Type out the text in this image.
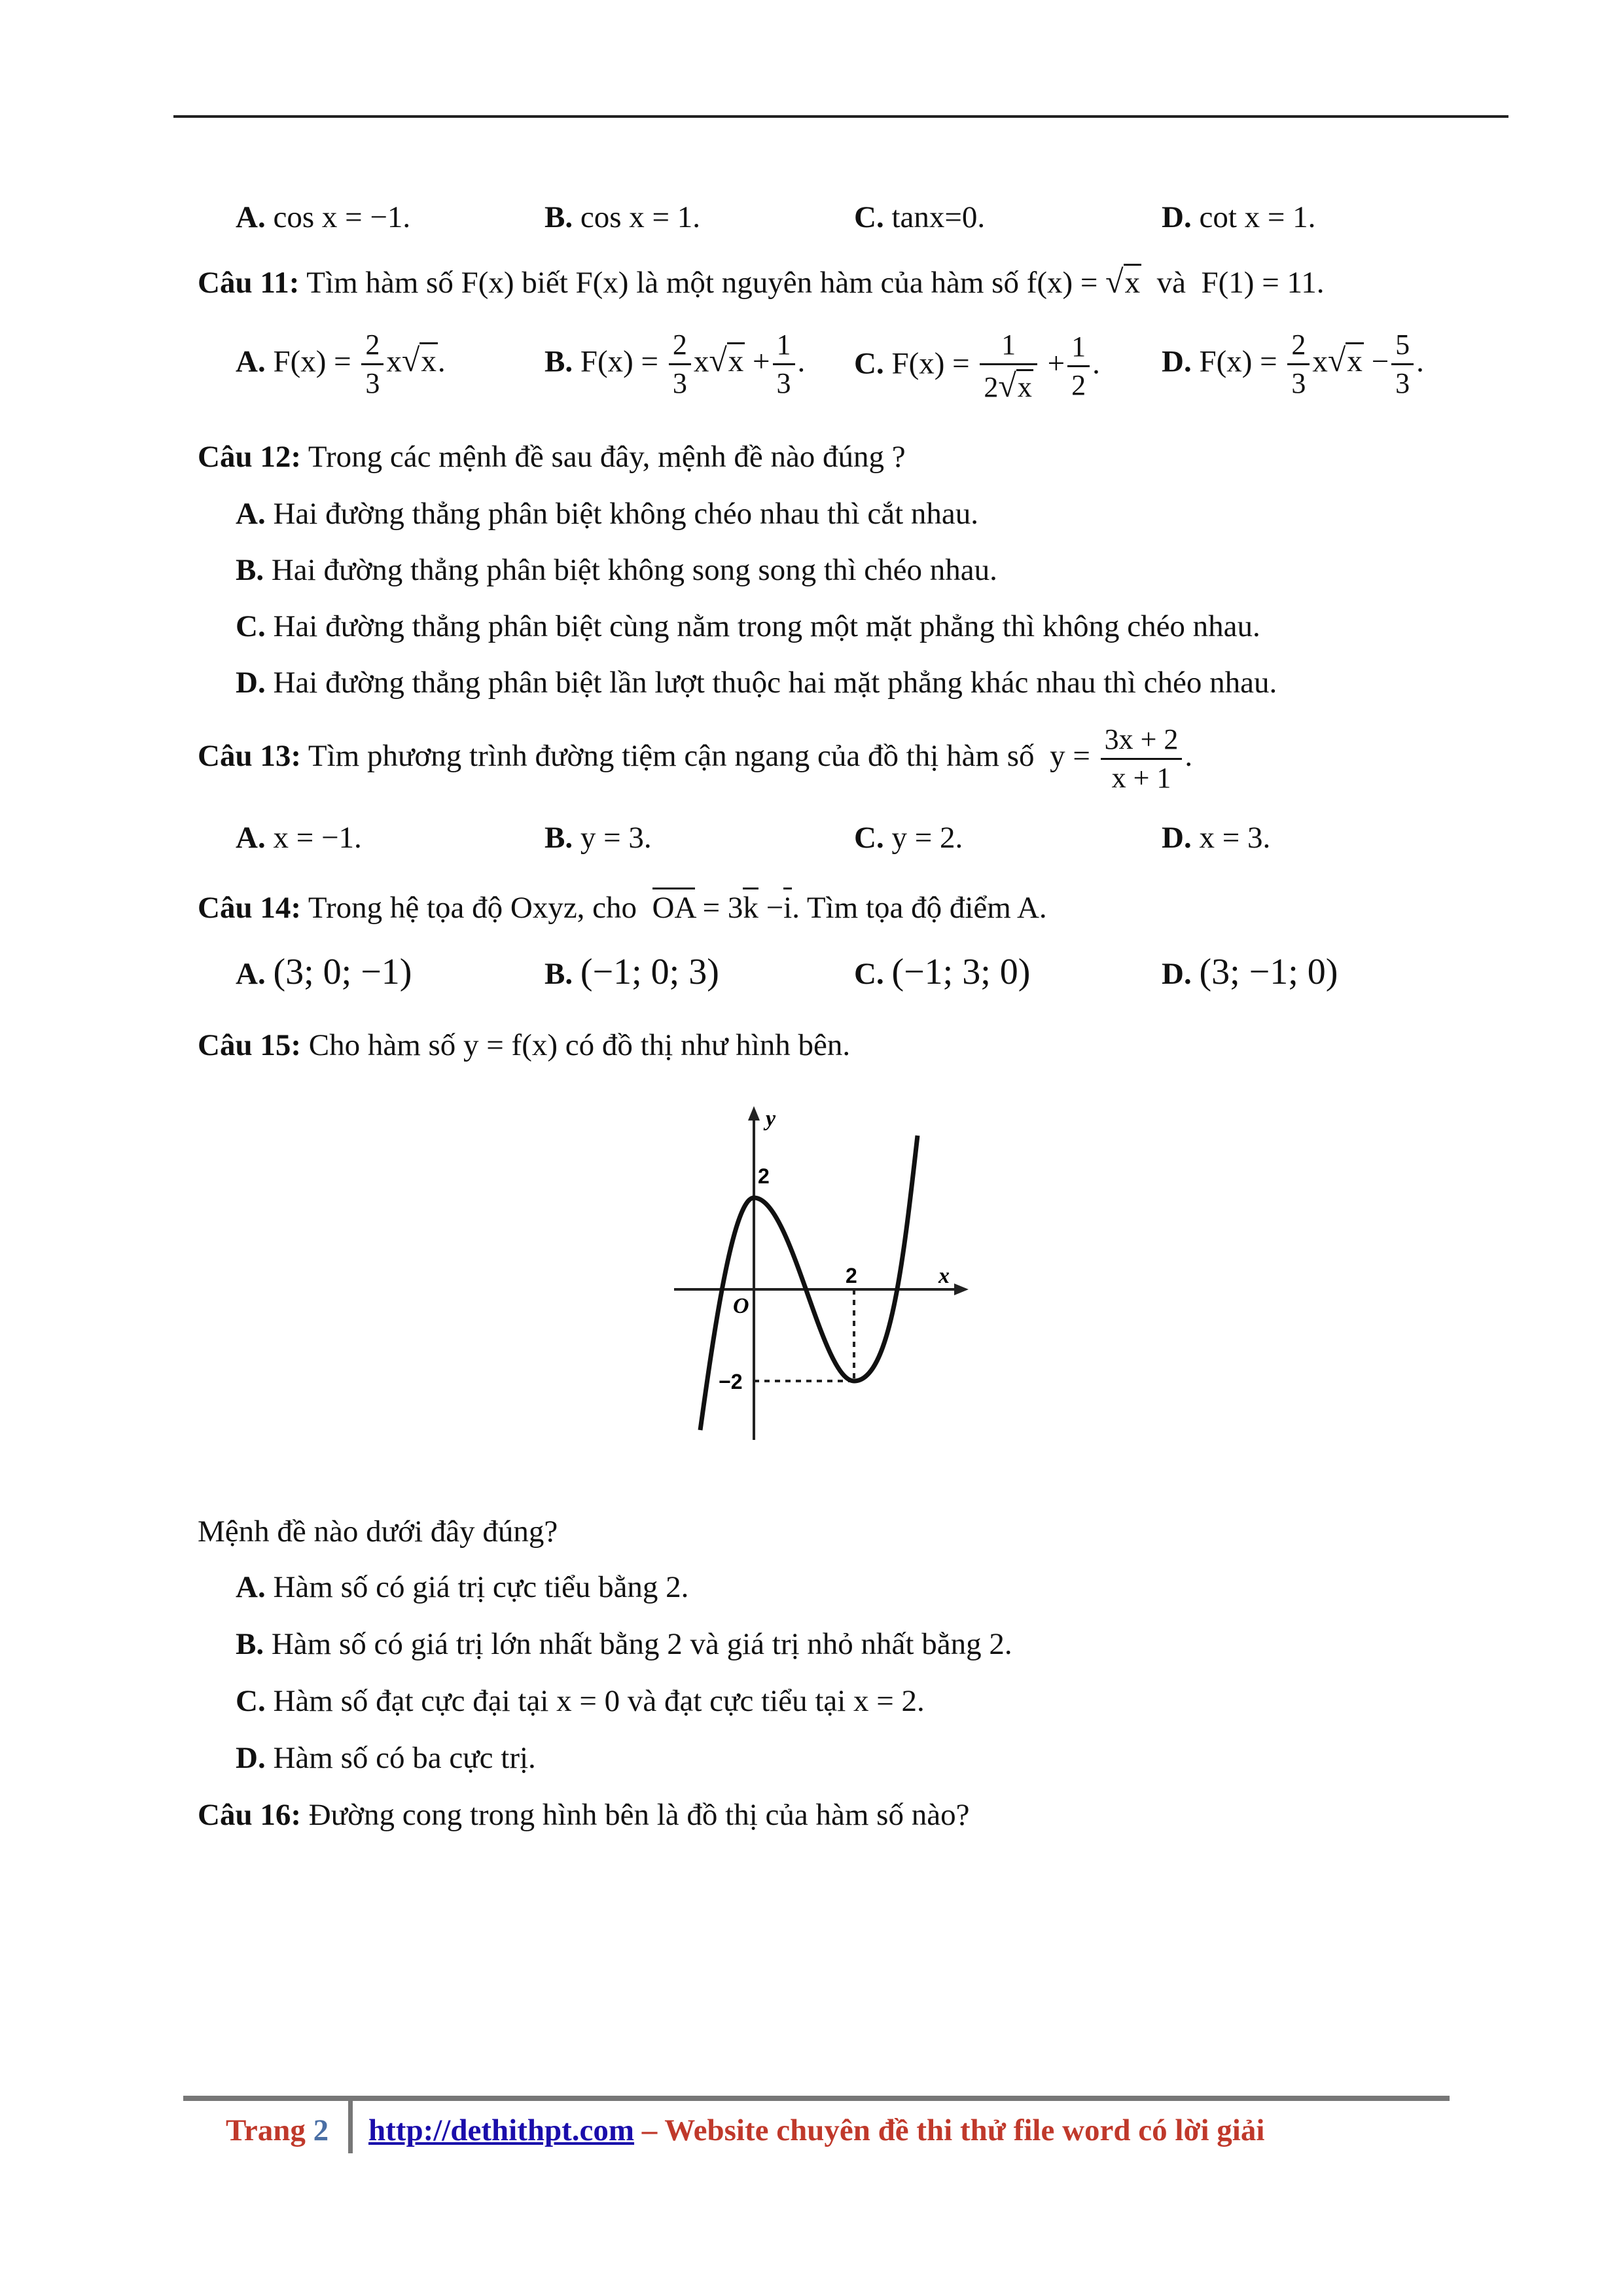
A. cos x = −1.	B. cos x = 1.	C. tanx=0.	D. cot x = 1.
Câu 11: Tìm hàm số F(x) biết F(x) là một nguyên hàm của hàm số f(x) = √x và F(1) = 11.
A. $F(x) = \frac{2}{3} x√x$.	B. $F(x) = \frac{2}{3} x√x + \frac{1}{3}$ . C. $F(x) = \frac{1}{2√x} + \frac{1}{2}$ . D. $F(x) = \frac{2}{3} x√x - \frac{5}{3}$ .
Câu 12: Trong các mệnh đề sau đây, mệnh đề nào đúng ?
A. Hai đường thẳng phân biệt không chéo nhau thì cắt nhau.
B. Hai đường thẳng phân biệt không song song thì chéo nhau.
C. Hai đường thẳng phân biệt cùng nằm trong một mặt phẳng thì không chéo nhau.
D. Hai đường thẳng phân biệt lần lượt thuộc hai mặt phẳng khác nhau thì chéo nhau.
Câu 13: Tìm phương trình đường tiệm cận ngang của đồ thị hàm số $y = \frac{3x + 2}{x + 1}$ .
A. x = −1.	B. y = 3.	C. y = 2.	D. x = 3.
Câu 14: Trong hệ tọa độ Oxyz, cho OA = 3k −i. Tìm tọa độ điểm A.
A. (3; 0; −1)	B. (−1; 0; 3)	C. (−1; 3; 0)	D. (3; −1; 0)
Câu 15: Cho hàm số y = f(x) có đồ thị như hình bên.
y
x
O
2
2
−2
Mệnh đề nào dưới đây đúng?
A. Hàm số có giá trị cực tiểu bằng 2.
B. Hàm số có giá trị lớn nhất bằng 2 và giá trị nhỏ nhất bằng 2.
C. Hàm số đạt cực đại tại x = 0 và đạt cực tiểu tại x = 2.
D. Hàm số có ba cực trị.
Câu 16: Đường cong trong hình bên là đồ thị của hàm số nào?
Trang 2 http://dethithpt.com – Website chuyên đề thi thử file word có lời giải
